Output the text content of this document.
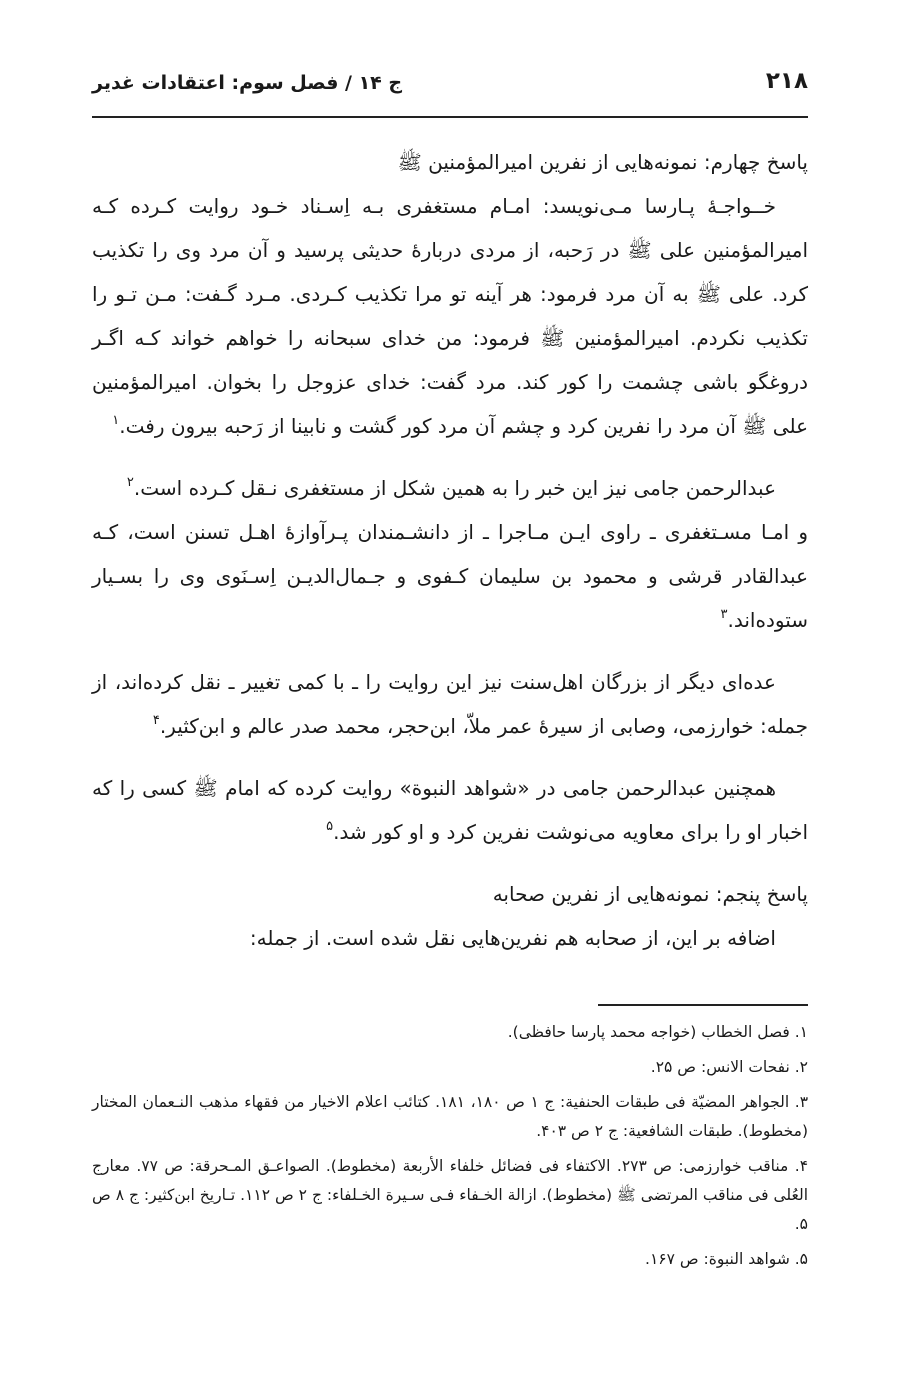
۲۱۸
ج ۱۴ / فصل سوم: اعتقادات غدیر

پاسخ چهارم: نمونه‌هایی از نفرین امیرالمؤمنین ﷺ

خــواجـهٔ پـارسا مـی‌نویسد: امـام مستغفری بـه اِسـناد خـود روایت کـرده کـه امیرالمؤمنین علی ﷺ در رَحبه، از مردی دربارهٔ حدیثی پرسید و آن مرد وی را تکذیب کرد. علی ﷺ به آن مرد فرمود: هر آینه تو مرا تکذیب کـردی. مـرد گـفت: مـن تـو را تکذیب نکردم. امیرالمؤمنین ﷺ فرمود: من خدای سبحانه را خواهم خواند کـه اگـر دروغگو باشی چشمت را کور کند. مرد گفت: خدای عزوجل را بخوان. امیرالمؤمنین علی ﷺ آن مرد را نفرین کرد و چشم آن مرد کور گشت و نابینا از رَحبه بیرون رفت.$^۱$

عبدالرحمن جامی نیز این خبر را به همین شکل از مستغفری نـقل کـرده است.$^۲$

و امـا مسـتغفری ـ راوی ایـن مـاجرا ـ از دانشـمندان پـرآوازهٔ اهـل تسنن است، کـه عبدالقادر قرشی و محمود بن سلیمان کـفوی و جـمال‌الدیـن اِسـنَوی وی را بسـیار ستوده‌اند.$^۳$

عده‌ای دیگر از بزرگان اهل‌سنت نیز این روایت را ـ با کمی تغییر ـ نقل کرده‌اند، از جمله: خوارزمی، وصابی از سیرهٔ عمر ملاّ، ابن‌حجر، محمد صدر عالم و ابن‌کثیر.$^۴$

همچنین عبدالرحمن جامی در «شواهد النبوة» روایت کرده که امام ﷺ کسی را که اخبار او را برای معاویه می‌نوشت نفرین کرد و او کور شد.$^۵$

پاسخ پنجم: نمونه‌هایی از نفرین صحابه

اضافه بر این، از صحابه هم نفرین‌هایی نقل شده است. از جمله:

۱. فصل الخطاب (خواجه محمد پارسا حافظی).

۲. نفحات الانس: ص ۲۵.

۳. الجواهر المضيّة فی طبقات الحنفية: ج ۱ ص ۱۸۰، ۱۸۱. کتائب اعلام الاخيار من فقهاء مذهب النـعمان المختار (مخطوط). طبقات الشافعية: ج ۲ ص ۴۰۳.

۴. مناقب خوارزمی: ص ۲۷۳. الاکتفاء فی فضائل خلفاء الأربعة (مخطوط). الصواعـق المـحرقة: ص ۷۷. معارج العُلی فی مناقب المرتضی ﷺ (مخطوط). ازالة الخـفاء فـی سـيرة الخـلفاء: ج ۲ ص ۱۱۲. تـاريخ ابن‌کثير: ج ۸ ص ۵.

۵. شواهد النبوة: ص ۱۶۷.
